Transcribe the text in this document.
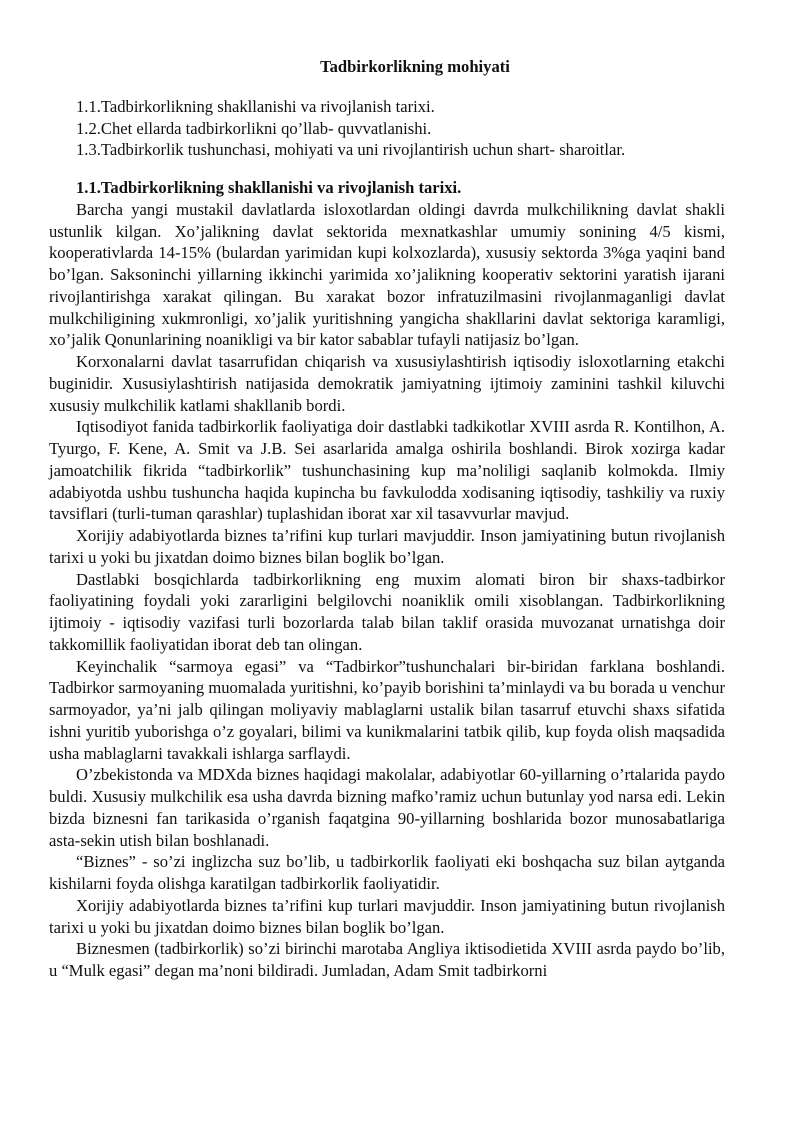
Tadbirkorlikning mohiyati
1.1.Tadbirkorlikning shakllanishi va rivojlanish tarixi.
1.2.Chet ellarda tadbirkorlikni qo’llab- quvvatlanishi.
1.3.Tadbirkorlik tushunchasi, mohiyati va uni rivojlantirish uchun shart- sharoitlar.
1.1.Tadbirkorlikning shakllanishi va rivojlanish tarixi.

Barcha yangi mustakil davlatlarda isloxotlardan oldingi davrda mulkchilikning davlat shakli ustunlik kilgan. Xo’jalikning davlat sektorida mexnatkashlar umumiy sonining 4/5 kismi, kooperativlarda 14-15% (bulardan yarimidan kupi kolxozlarda), xususiy sektorda 3%ga yaqini band bo’lgan. Saksoninchi yillarning ikkinchi yarimida xo’jalikning kooperativ sektorini yaratish ijarani rivojlantirishga xarakat qilingan. Bu xarakat bozor infratuzilmasini rivojlanmaganligi davlat mulkchiligining xukmronligi, xo’jalik yuritishning yangicha shakllarini davlat sektoriga karamligi, xo’jalik Qonunlarining noanikligi va bir kator sabablar tufayli natijasiz bo’lgan.

Korxonalarni davlat tasarrufidan chiqarish va xususiylashtirish iqtisodiy isloxotlarning etakchi buginidir. Xususiylashtirish natijasida demokratik jamiyatning ijtimoiy zaminini tashkil kiluvchi xususiy mulkchilik katlami shakllanib bordi.

Iqtisodiyot fanida tadbirkorlik faoliyatiga doir dastlabki tadkikotlar XVIII asrda R. Kontilhon, A. Tyurgo, F. Kene, A. Smit va J.B. Sei asarlarida amalga oshirila boshlandi. Birok xozirga kadar jamoatchilik fikrida “tadbirkorlik” tushunchasining kup ma’noliligi saqlanib kolmokda. Ilmiy adabiyotda ushbu tushuncha haqida kupincha bu favkulodda xodisaning iqtisodiy, tashkiliy va ruxiy tavsiflari (turli-tuman qarashlar) tuplashidan iborat xar xil tasavvurlar mavjud.

Xorijiy adabiyotlarda biznes ta’rifini kup turlari mavjuddir. Inson jamiyatining butun rivojlanish tarixi u yoki bu jixatdan doimo biznes bilan boglik bo’lgan.

Dastlabki bosqichlarda tadbirkorlikning eng muxim alomati biron bir shaxs-tadbirkor faoliyatining foydali yoki zararligini belgilovchi noaniklik omili xisoblangan. Tadbirkorlikning ijtimoiy - iqtisodiy vazifasi turli bozorlarda talab bilan taklif orasida muvozanat urnatishga doir takkomillik faoliyatidan iborat deb tan olingan.

Keyinchalik “sarmoya egasi” va “Tadbirkor”tushunchalari bir-biridan farklana boshlandi. Tadbirkor sarmoyaning muomalada yuritishni, ko’payib borishini ta’minlaydi va bu borada u venchur sarmoyador, ya’ni jalb qilingan moliyaviy mablaglarni ustalik bilan tasarruf etuvchi shaxs sifatida ishni yuritib yuborishga o’z goyalari, bilimi va kunikmalarini tatbik qilib, kup foyda olish maqsadida usha mablaglarni tavakkali ishlarga sarflaydi.

O’zbekistonda va MDXda biznes haqidagi makolalar, adabiyotlar 60-yillarning o’rtalarida paydo buldi. Xususiy mulkchilik esa usha davrda bizning mafko’ramiz uchun butunlay yod narsa edi. Lekin bizda biznesni fan tarikasida o’rganish faqatgina 90-yillarning boshlarida bozor munosabatlariga asta-sekin utish bilan boshlanadi.

“Biznes” - so’zi inglizcha suz bo’lib, u tadbirkorlik faoliyati eki boshqacha suz bilan aytganda kishilarni foyda olishga karatilgan tadbirkorlik faoliyatidir.

Xorijiy adabiyotlarda biznes ta’rifini kup turlari mavjuddir. Inson jamiyatining butun rivojlanish tarixi u yoki bu jixatdan doimo biznes bilan boglik bo’lgan.

Biznesmen (tadbirkorlik) so’zi birinchi marotaba Angliya iktisodietida XVIII asrda paydo bo’lib, u “Mulk egasi” degan ma’noni bildiradi. Jumladan, Adam Smit tadbirkorni
